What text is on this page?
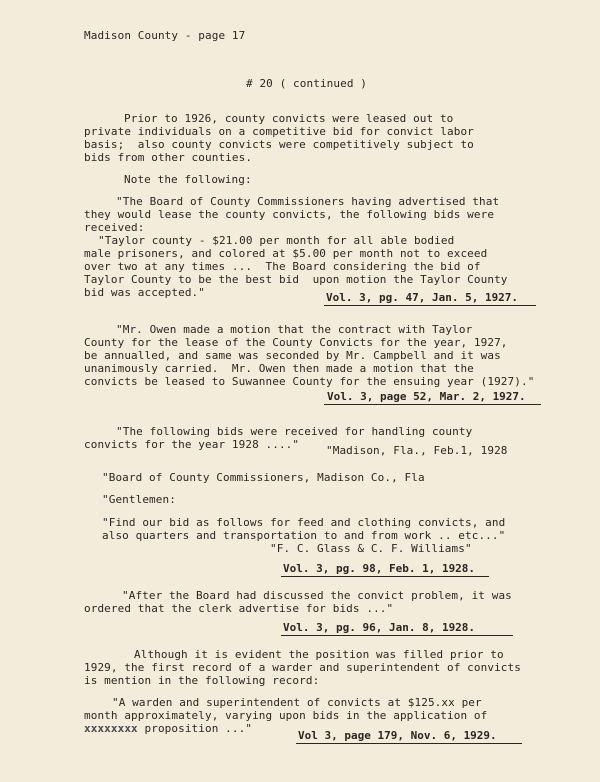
Madison County - page 17
# 20 ( continued )
Prior to 1926, county convicts were leased out to
private individuals on a competitive bid for convict labor
basis;  also county convicts were competitively subject to
bids from other counties.
Note the following:
"The Board of County Commissioners having advertised that
they would lease the county convicts, the following bids were
received:
"Taylor county - $21.00 per month for all able bodied
male prisoners, and colored at $5.00 per month not to exceed
over two at any times ...  The Board considering the bid of
Taylor County to be the best bid  upon motion the Taylor County
bid was accepted."	Vol. 3, pg. 47, Jan. 5, 1927.
"Mr. Owen made a motion that the contract with Taylor
County for the lease of the County Convicts for the year, 1927,
be annualled, and same was seconded by Mr. Campbell and it was
unanimously carried.  Mr. Owen then made a motion that the
convicts be leased to Suwannee County for the ensuing year (1927)."
Vol. 3, page 52, Mar. 2, 1927.
"The following bids were received for handling county
convicts for the year 1928 ...." "Madison, Fla., Feb.1, 1928
"Board of County Commissioners, Madison Co., Fla
"Gentlemen:
"Find our bid as follows for feed and clothing convicts, and
also quarters and transportation to and from work .. etc..."
"F. C. Glass & C. F. Williams"
Vol. 3, pg. 98, Feb. 1, 1928.
"After the Board had discussed the convict problem, it was
ordered that the clerk advertise for bids ..."
Vol. 3, pg. 96, Jan. 8, 1928.
Although it is evident the position was filled prior to
1929, the first record of a warder and superintendent of convicts
is mention in the following record:
"A warden and superintendent of convicts at $125.xx per
month approximately, varying upon bids in the application of
xxxxxxxx proposition ..."
Vol 3, page 179, Nov. 6, 1929.
